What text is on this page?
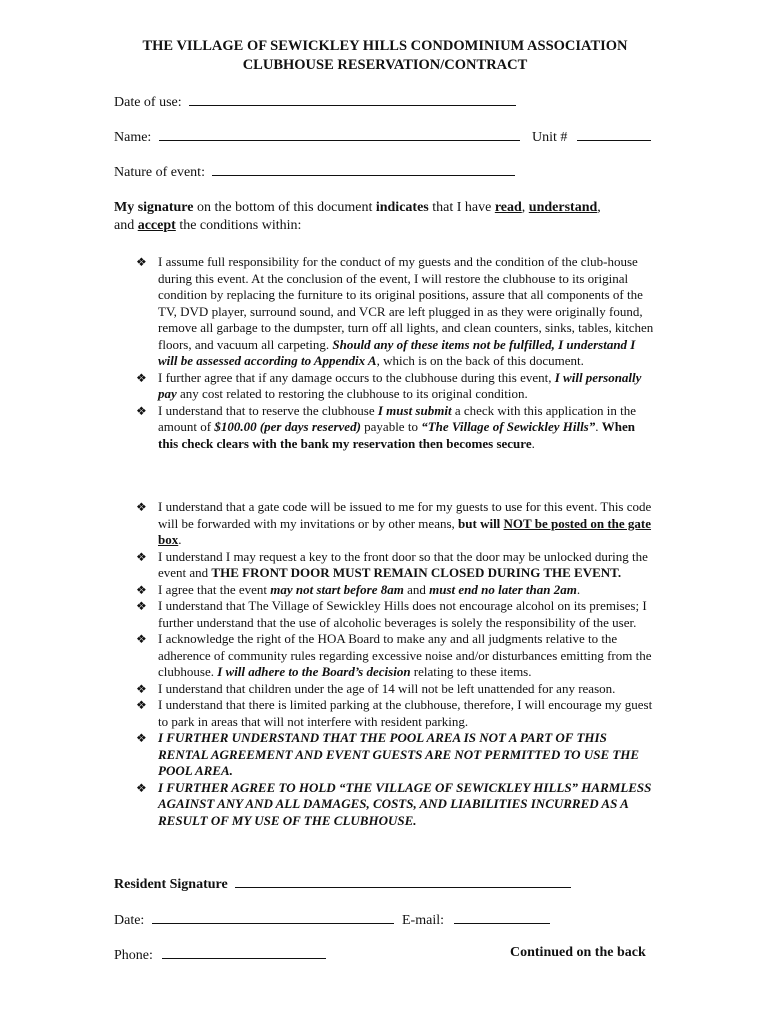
THE VILLAGE OF SEWICKLEY HILLS CONDOMINIUM ASSOCIATION
CLUBHOUSE RESERVATION/CONTRACT
Date of use:
Name:	Unit #
Nature of event:
My signature on the bottom of this document indicates that I have read, understand,
and accept the conditions within:
❖ I assume full responsibility for the conduct of my guests and the condition of the club-house during this event. At the conclusion of the event, I will restore the clubhouse to its original condition by replacing the furniture to its original positions, assure that all components of the TV, DVD player, surround sound, and VCR are left plugged in as they were originally found, remove all garbage to the dumpster, turn off all lights, and clean counters, sinks, tables, kitchen floors, and vacuum all carpeting. Should any of these items not be fulfilled, I understand I will be assessed according to Appendix A, which is on the back of this document.
❖ I further agree that if any damage occurs to the clubhouse during this event, I will personally pay any cost related to restoring the clubhouse to its original condition.
❖ I understand that to reserve the clubhouse I must submit a check with this application in the amount of $100.00 (per days reserved) payable to “The Village of Sewickley Hills”. When this check clears with the bank my reservation then becomes secure.
❖ I understand that a gate code will be issued to me for my guests to use for this event. This code will be forwarded with my invitations or by other means, but will NOT be posted on the gate box.
❖ I understand I may request a key to the front door so that the door may be unlocked during the event and THE FRONT DOOR MUST REMAIN CLOSED DURING THE EVENT.
❖ I agree that the event may not start before 8am and must end no later than 2am.
❖ I understand that The Village of Sewickley Hills does not encourage alcohol on its premises; I further understand that the use of alcoholic beverages is solely the responsibility of the user.
❖ I acknowledge the right of the HOA Board to make any and all judgments relative to the adherence of community rules regarding excessive noise and/or disturbances emitting from the clubhouse. I will adhere to the Board’s decision relating to these items.
❖ I understand that children under the age of 14 will not be left unattended for any reason.
❖ I understand that there is limited parking at the clubhouse, therefore, I will encourage my guest to park in areas that will not interfere with resident parking.
❖ I FURTHER UNDERSTAND THAT THE POOL AREA IS NOT A PART OF THIS RENTAL AGREEMENT AND EVENT GUESTS ARE NOT PERMITTED TO USE THE POOL AREA.
❖ I FURTHER AGREE TO HOLD “THE VILLAGE OF SEWICKLEY HILLS” HARMLESS AGAINST ANY AND ALL DAMAGES, COSTS, AND LIABILITIES INCURRED AS A RESULT OF MY USE OF THE CLUBHOUSE.
Resident Signature
Date:	E-mail:
Phone:	Continued on the back
